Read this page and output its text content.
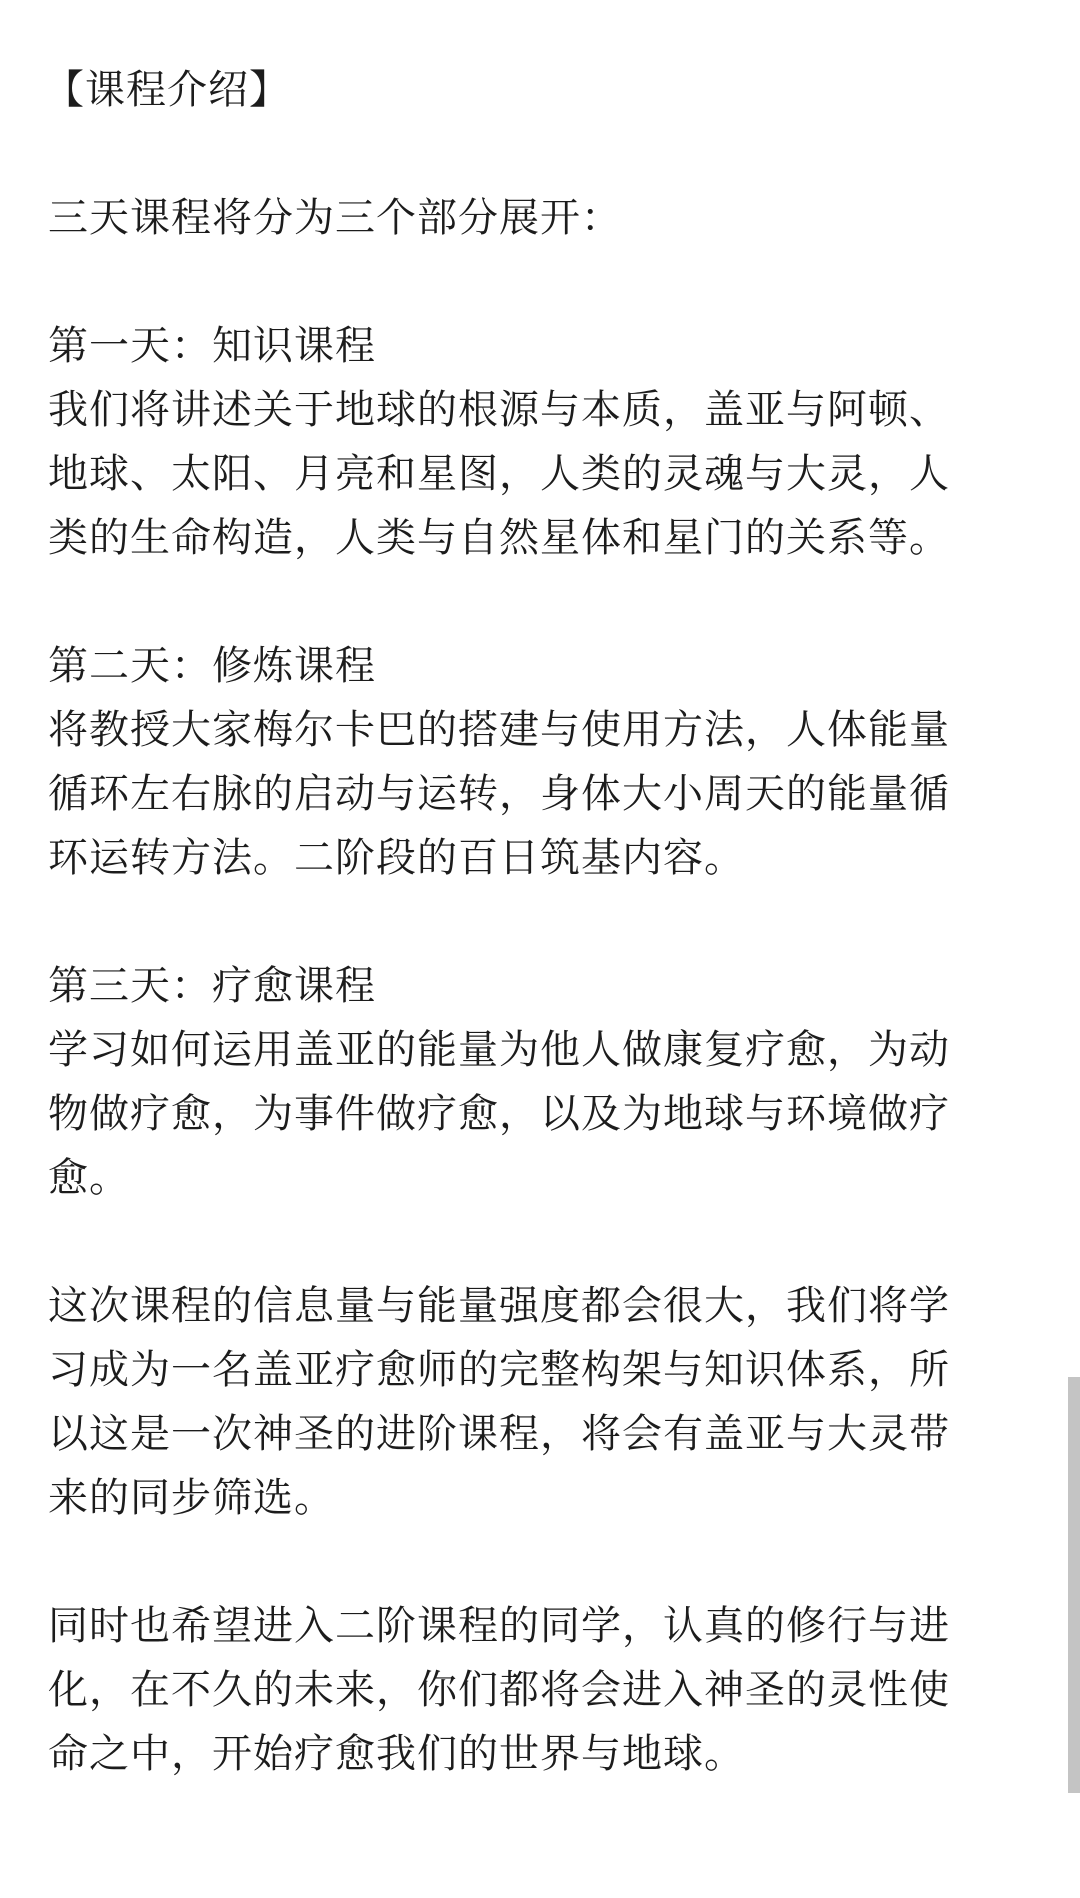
【课程介绍】
三天课程将分为三个部分展开：
第一天：知识课程
我们将讲述关于地球的根源与本质，盖亚与阿顿、
地球、太阳、月亮和星图，人类的灵魂与大灵，人
类的生命构造，人类与自然星体和星门的关系等。
第二天：修炼课程
将教授大家梅尔卡巴的搭建与使用方法，人体能量
循环左右脉的启动与运转，身体大小周天的能量循
环运转方法。二阶段的百日筑基内容。
第三天：疗愈课程
学习如何运用盖亚的能量为他人做康复疗愈，为动
物做疗愈，为事件做疗愈，以及为地球与环境做疗
愈。
这次课程的信息量与能量强度都会很大，我们将学
习成为一名盖亚疗愈师的完整构架与知识体系，所
以这是一次神圣的进阶课程，将会有盖亚与大灵带
来的同步筛选。
同时也希望进入二阶课程的同学，认真的修行与进
化，在不久的未来，你们都将会进入神圣的灵性使
命之中，开始疗愈我们的世界与地球。
